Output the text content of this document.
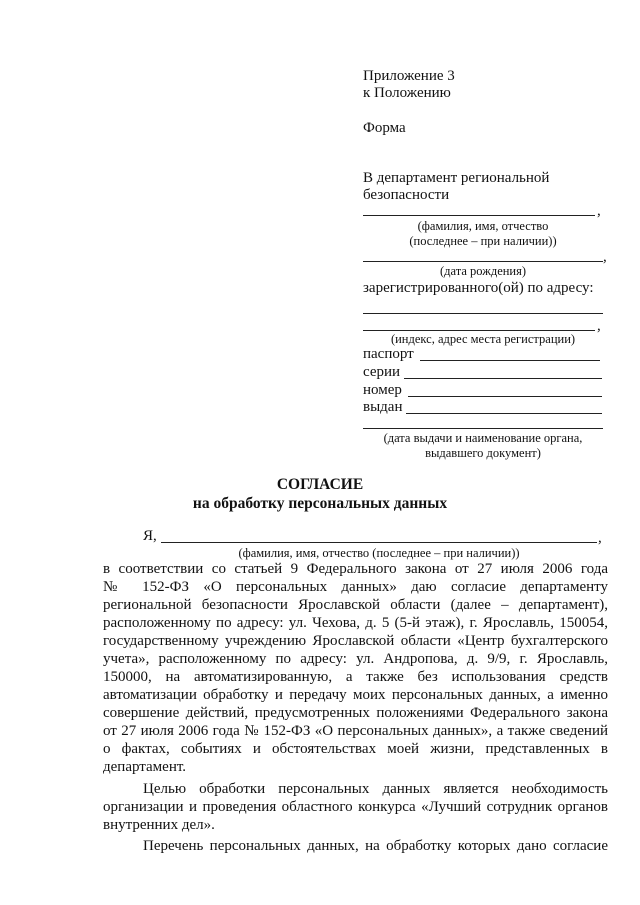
Приложение 3
к Положению
Форма
В департамент региональной
безопасности
,
(фамилия, имя, отчество
(последнее – при наличии))
,
(дата рождения)
зарегистрированного(ой) по адресу:
,
(индекс, адрес места регистрации)
паспорт
серии
номер
выдан
(дата выдачи и наименование органа,
выдавшего документ)
СОГЛАСИЕ
на обработку персональных данных
Я,	,
(фамилия, имя, отчество (последнее – при наличии))
в соответствии со статьей 9 Федерального закона от 27 июля 2006 года
№ 152-ФЗ «О персональных данных» даю согласие департаменту
региональной безопасности Ярославской области (далее – департамент),
расположенному по адресу: ул. Чехова, д. 5 (5-й этаж), г. Ярославль, 150054,
государственному учреждению Ярославской области «Центр бухгалтерского
учета», расположенному по адресу: ул. Андропова, д. 9/9, г. Ярославль,
150000, на автоматизированную, а также без использования средств
автоматизации обработку и передачу моих персональных данных, а именно
совершение действий, предусмотренных положениями Федерального закона
от 27 июля 2006 года № 152-ФЗ «О персональных данных», а также сведений
о фактах, событиях и обстоятельствах моей жизни, представленных в
департамент.
Целью обработки персональных данных является необходимость
организации и проведения областного конкурса «Лучший сотрудник органов
внутренних дел».
Перечень персональных данных, на обработку которых дано согласие
